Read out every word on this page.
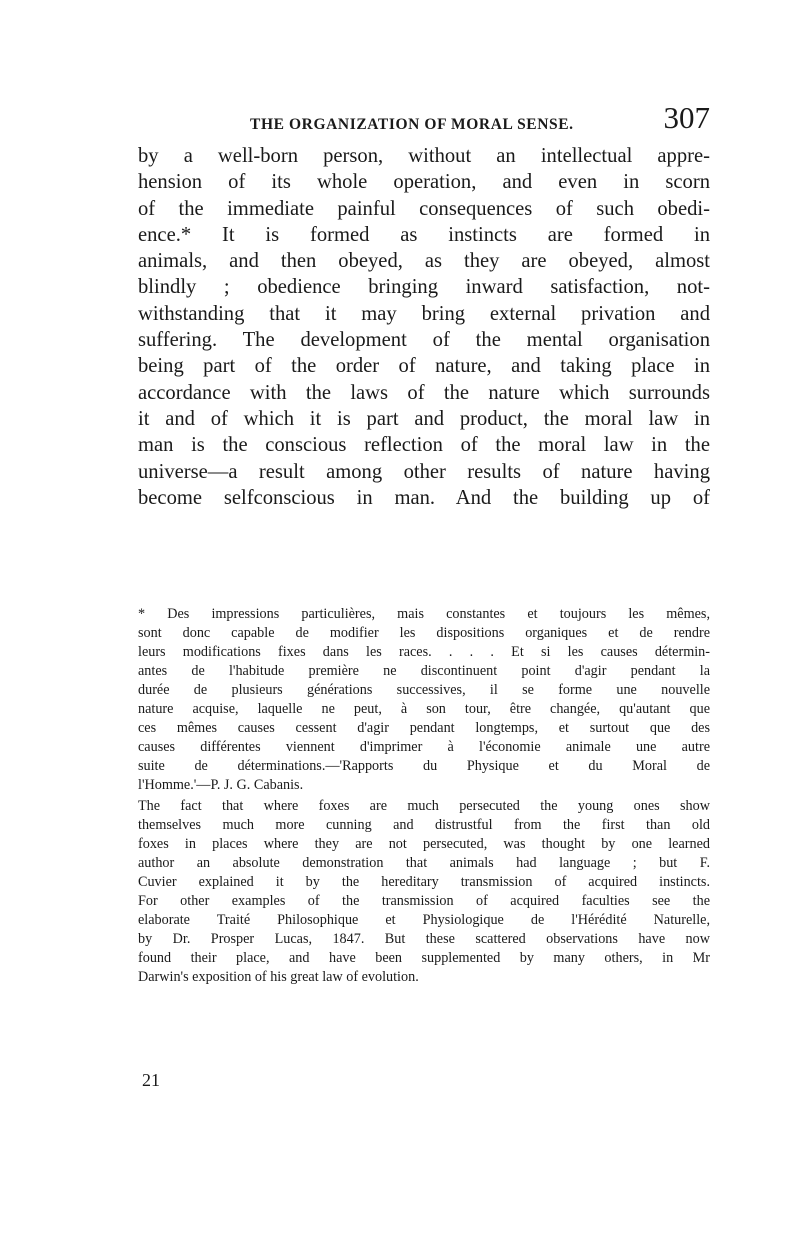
THE ORGANIZATION OF MORAL SENSE.	307
by a well-born person, without an intellectual appre-
hension of its whole operation, and even in scorn
of the immediate painful consequences of such obedi-
ence.* It is formed as instincts are formed in
animals, and then obeyed, as they are obeyed, almost
blindly ; obedience bringing inward satisfaction, not-
withstanding that it may bring external privation and
suffering. The development of the mental organisation
being part of the order of nature, and taking place in
accordance with the laws of the nature which surrounds
it and of which it is part and product, the moral law in
man is the conscious reflection of the moral law in the
universe—a result among other results of nature having
become selfconscious in man. And the building up of
* Des impressions particulières, mais constantes et toujours les mêmes,
sont donc capable de modifier les dispositions organiques et de rendre
leurs modifications fixes dans les races. . . . Et si les causes détermin-
antes de l'habitude première ne discontinuent point d'agir pendant la
durée de plusieurs générations successives, il se forme une nouvelle
nature acquise, laquelle ne peut, à son tour, être changée, qu'autant que
ces mêmes causes cessent d'agir pendant longtemps, et surtout que des
causes différentes viennent d'imprimer à l'économie animale une autre
suite de déterminations.—'Rapports du Physique et du Moral de
l'Homme.'—P. J. G. Cabanis.
The fact that where foxes are much persecuted the young ones show
themselves much more cunning and distrustful from the first than old
foxes in places where they are not persecuted, was thought by one learned
author an absolute demonstration that animals had language ; but F.
Cuvier explained it by the hereditary transmission of acquired instincts.
For other examples of the transmission of acquired faculties see the
elaborate Traité Philosophique et Physiologique de l'Hérédité Naturelle,
by Dr. Prosper Lucas, 1847. But these scattered observations have now
found their place, and have been supplemented by many others, in Mr
Darwin's exposition of his great law of evolution.
21
